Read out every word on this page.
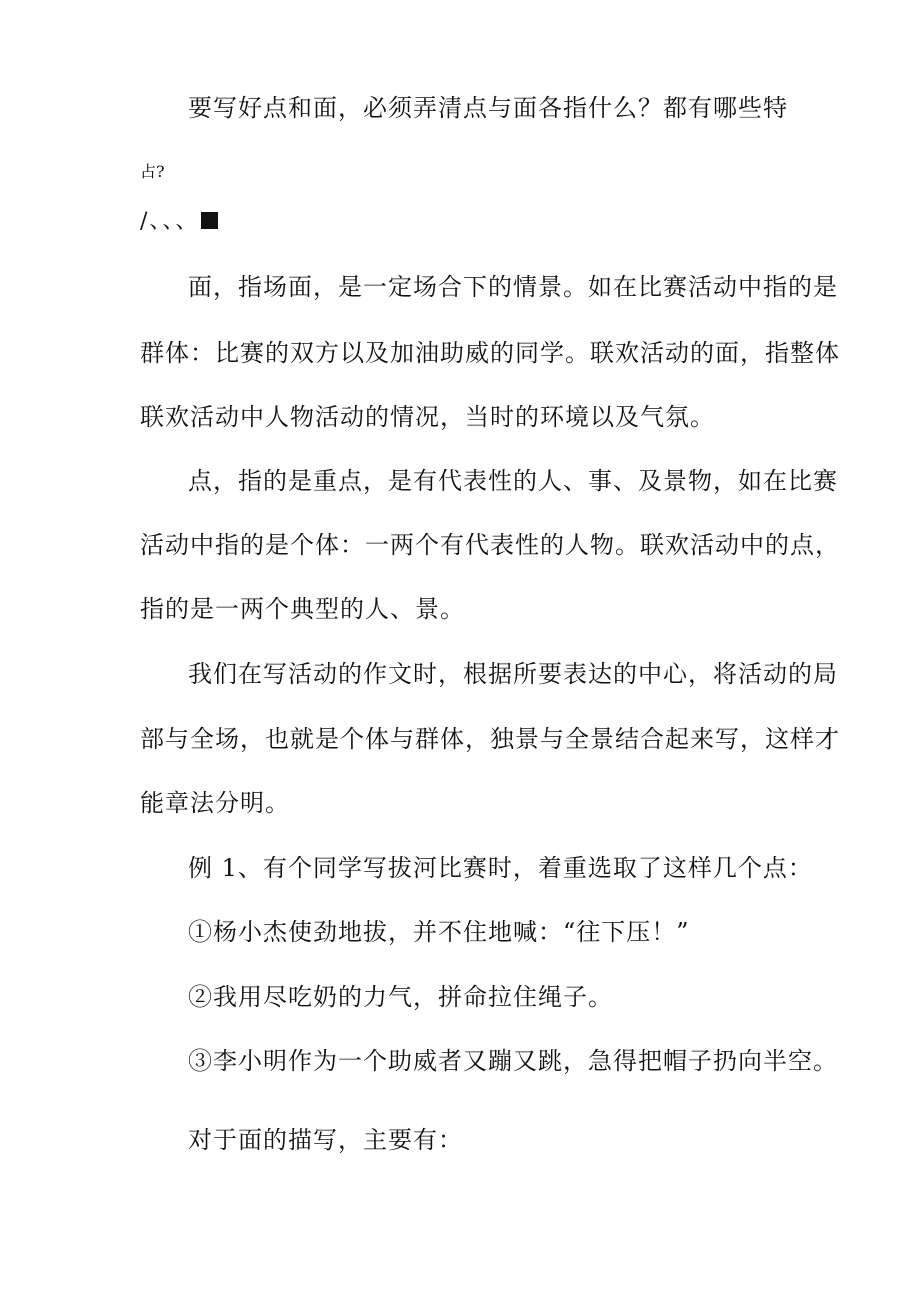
要写好点和面，必须弄清点与面各指什么？都有哪些特
占?
/、、、
面，指场面，是一定场合下的情景。如在比赛活动中指的是
群体：比赛的双方以及加油助威的同学。联欢活动的面，指整体
联欢活动中人物活动的情况，当时的环境以及气氛。
点，指的是重点，是有代表性的人、事、及景物，如在比赛
活动中指的是个体：一两个有代表性的人物。联欢活动中的点，
指的是一两个典型的人、景。
我们在写活动的作文时，根据所要表达的中心，将活动的局
部与全场，也就是个体与群体，独景与全景结合起来写，这样才
能章法分明。
例 1、有个同学写拔河比赛时，着重选取了这样几个点：
①杨小杰使劲地拔，并不住地喊：“往下压！”
②我用尽吃奶的力气，拼命拉住绳子。
③李小明作为一个助威者又蹦又跳，急得把帽子扔向半空。
对于面的描写，主要有：
